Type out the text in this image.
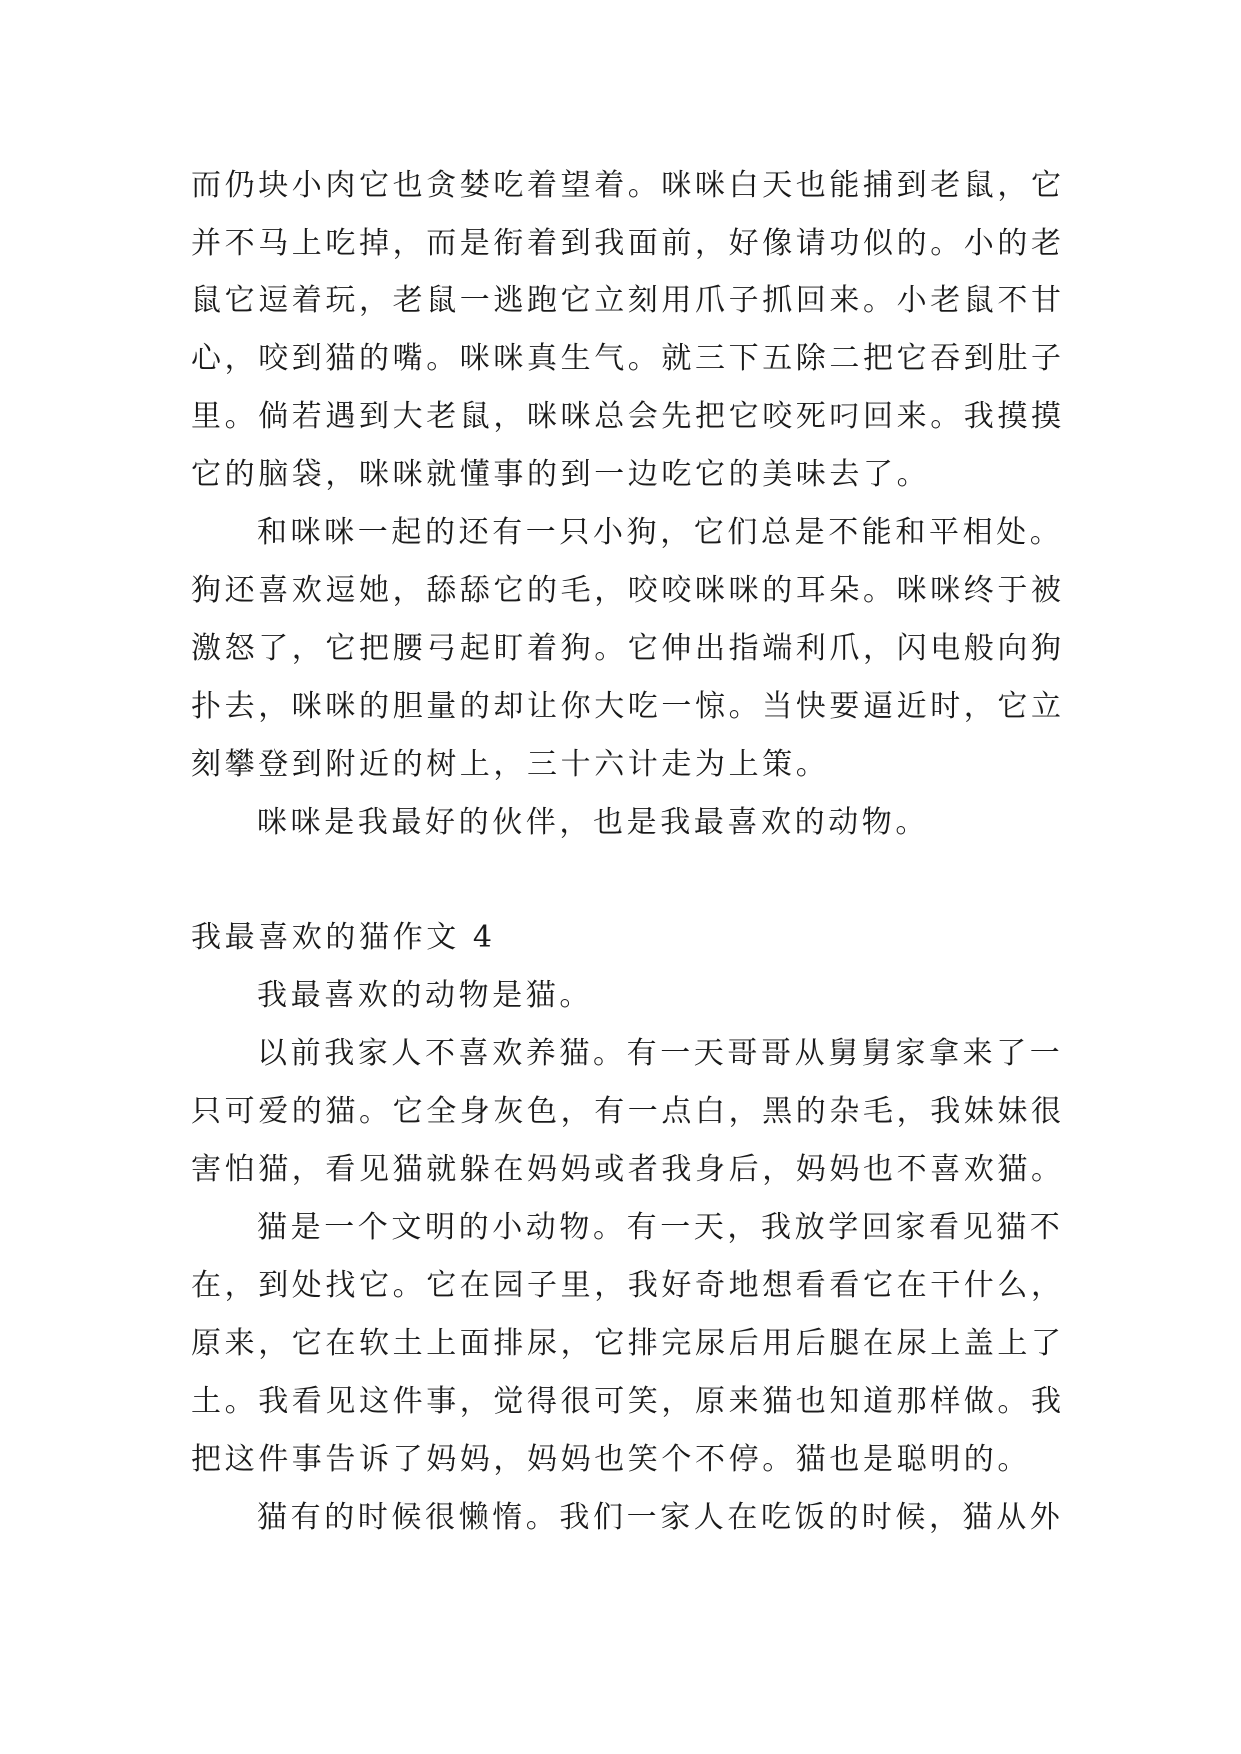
而仍块小肉它也贪婪吃着望着。咪咪白天也能捕到老鼠，它
并不马上吃掉，而是衔着到我面前，好像请功似的。小的老
鼠它逗着玩，老鼠一逃跑它立刻用爪子抓回来。小老鼠不甘
心，咬到猫的嘴。咪咪真生气。就三下五除二把它吞到肚子
里。倘若遇到大老鼠，咪咪总会先把它咬死叼回来。我摸摸
它的脑袋，咪咪就懂事的到一边吃它的美味去了。
和咪咪一起的还有一只小狗，它们总是不能和平相处。
狗还喜欢逗她，舔舔它的毛，咬咬咪咪的耳朵。咪咪终于被
激怒了，它把腰弓起盯着狗。它伸出指端利爪，闪电般向狗
扑去，咪咪的胆量的却让你大吃一惊。当快要逼近时，它立
刻攀登到附近的树上，三十六计走为上策。
咪咪是我最好的伙伴，也是我最喜欢的动物。
我最喜欢的猫作文 4
我最喜欢的动物是猫。
以前我家人不喜欢养猫。有一天哥哥从舅舅家拿来了一
只可爱的猫。它全身灰色，有一点白，黑的杂毛，我妹妹很
害怕猫，看见猫就躲在妈妈或者我身后，妈妈也不喜欢猫。
猫是一个文明的小动物。有一天，我放学回家看见猫不
在，到处找它。它在园子里，我好奇地想看看它在干什么，
原来，它在软土上面排尿，它排完尿后用后腿在尿上盖上了
土。我看见这件事，觉得很可笑，原来猫也知道那样做。我
把这件事告诉了妈妈，妈妈也笑个不停。猫也是聪明的。
猫有的时候很懒惰。我们一家人在吃饭的时候，猫从外
